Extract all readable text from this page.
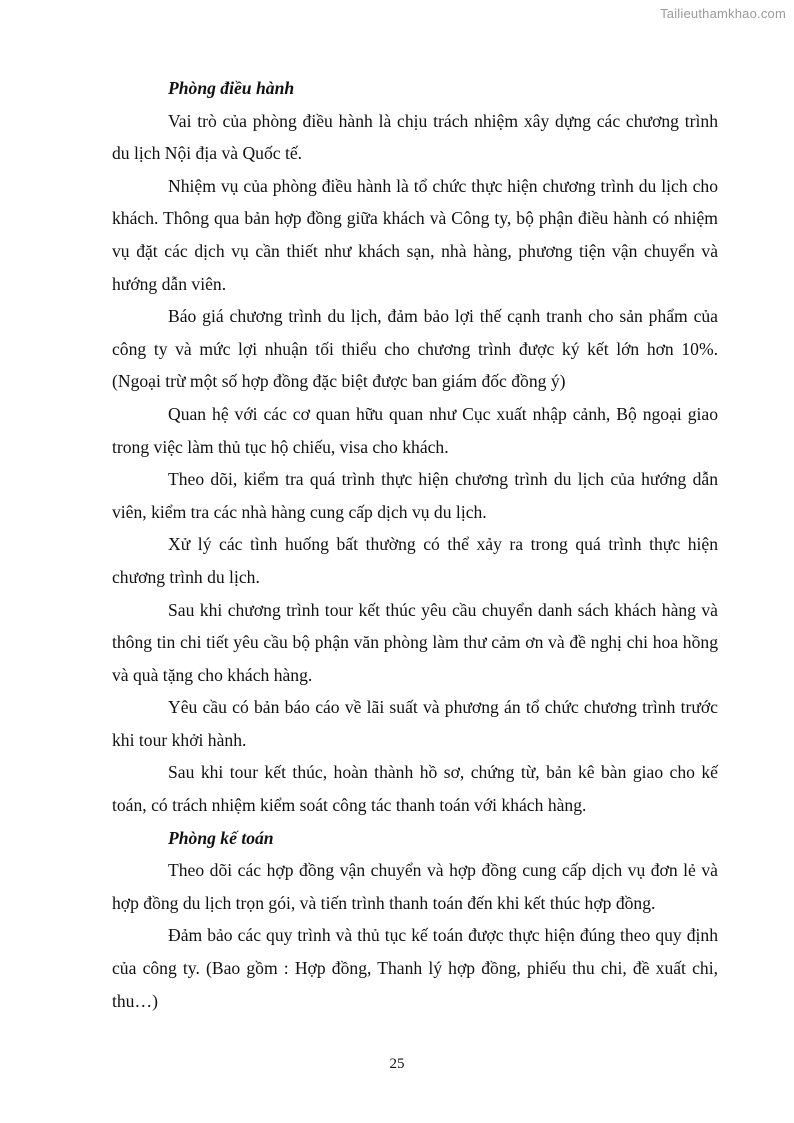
Tailieuthamkhao.com
Phòng điều hành

Vai trò của phòng điều hành là chịu trách nhiệm xây dựng các chương trình du lịch Nội địa và Quốc tế.

Nhiệm vụ của phòng điều hành là tổ chức thực hiện chương trình du lịch cho khách. Thông qua bản hợp đồng giữa khách và Công ty, bộ phận điều hành có nhiệm vụ đặt các dịch vụ cần thiết như khách sạn, nhà hàng, phương tiện vận chuyển và hướng dẫn viên.

Báo giá chương trình du lịch, đảm bảo lợi thế cạnh tranh cho sản phẩm của công ty và mức lợi nhuận tối thiểu cho chương trình được ký kết lớn hơn 10%. (Ngoại trừ một số hợp đồng đặc biệt được ban giám đốc đồng ý)

Quan hệ với các cơ quan hữu quan như Cục xuất nhập cảnh, Bộ ngoại giao trong việc làm thủ tục hộ chiếu, visa cho khách.

Theo dõi, kiểm tra quá trình thực hiện chương trình du lịch của hướng dẫn viên, kiểm tra các nhà hàng cung cấp dịch vụ du lịch.

Xử lý các tình huống bất thường có thể xảy ra trong quá trình thực hiện chương trình du lịch.

Sau khi chương trình tour kết thúc yêu cầu chuyển danh sách khách hàng và thông tin chi tiết yêu cầu bộ phận văn phòng làm thư cảm ơn và đề nghị chi hoa hồng và quà tặng cho khách hàng.

Yêu cầu có bản báo cáo về lãi suất và phương án tổ chức chương trình trước khi tour khởi hành.

Sau khi tour kết thúc, hoàn thành hồ sơ, chứng từ, bản kê bàn giao cho kế toán, có trách nhiệm kiểm soát công tác thanh toán với khách hàng.

Phòng kế toán

Theo dõi các hợp đồng vận chuyển và hợp đồng cung cấp dịch vụ đơn lẻ và hợp đồng du lịch trọn gói, và tiến trình thanh toán đến khi kết thúc hợp đồng.

Đảm bảo các quy trình và thủ tục kế toán được thực hiện đúng theo quy định của công ty. (Bao gồm : Hợp đồng, Thanh lý hợp đồng, phiếu thu chi, đề xuất chi, thu…)

25
